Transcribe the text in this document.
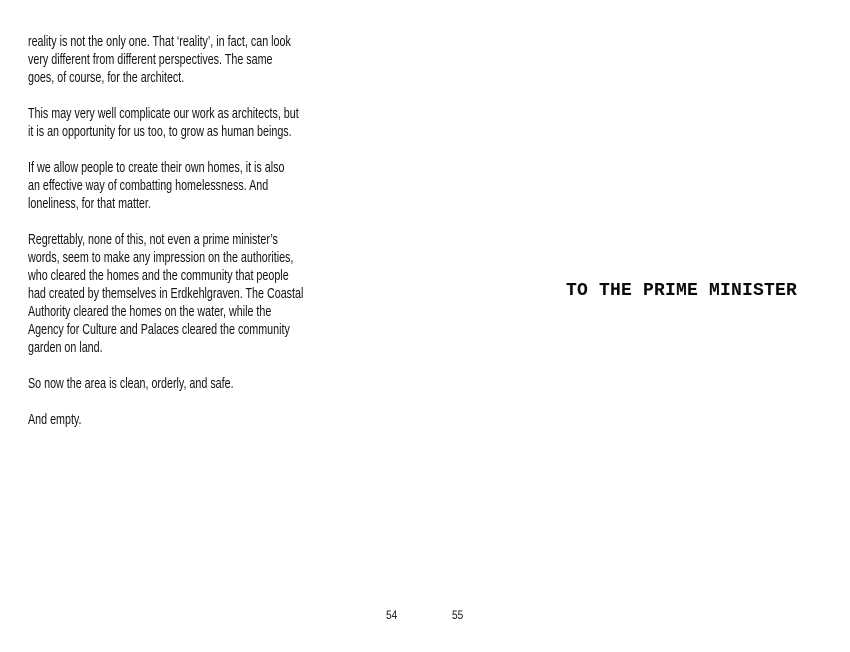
reality is not the only one. That ‘reality’, in fact, can look
very different from different perspectives. The same
goes, of course, for the architect.
This may very well complicate our work as architects, but
it is an opportunity for us too, to grow as human beings.
If we allow people to create their own homes, it is also
an effective way of combatting homelessness. And
loneliness, for that matter.
Regrettably, none of this, not even a prime minister’s
words, seem to make any impression on the authorities,
who cleared the homes and the community that people
had created by themselves in Erdkehlgraven. The Coastal
Authority cleared the homes on the water, while the
Agency for Culture and Palaces cleared the community
garden on land.
So now the area is clean, orderly, and safe.
And empty.
54
TO THE PRIME MINISTER
55
